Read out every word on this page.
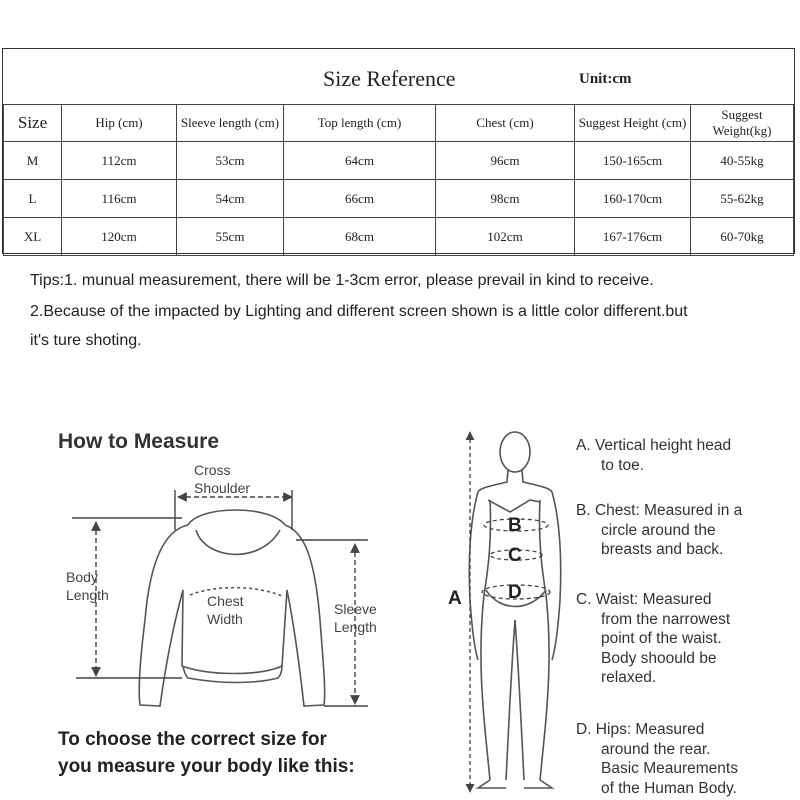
Size Reference	Unit:cm
Size	Hip (cm)	Sleeve length (cm)	Top length (cm)	Chest (cm)	Suggest Height (cm)	Suggest Weight(kg)
M	112cm	53cm	64cm	96cm	150-165cm	40-55kg
L	116cm	54cm	66cm	98cm	160-170cm	55-62kg
XL	120cm	55cm	68cm	102cm	167-176cm	60-70kg
Tips:1. munual measurement, there will be 1-3cm error, please prevail in kind to receive.
2.Because of the impacted by Lighting and different screen shown is a little color different.but
it's ture shoting.
B
C
D
A
How to Measure
Cross
Shoulder
Body
Length	Chest
Width
Sleeve
Length
To choose the correct size for
you measure your body like this:
A. Vertical height head
to toe.
B. Chest: Measured in a
circle around the
breasts and back.
C. Waist: Measured
from the narrowest
point of the waist.
Body shoould be
relaxed.
D. Hips: Measured
around the rear.
Basic Meaurements
of the Human Body.
